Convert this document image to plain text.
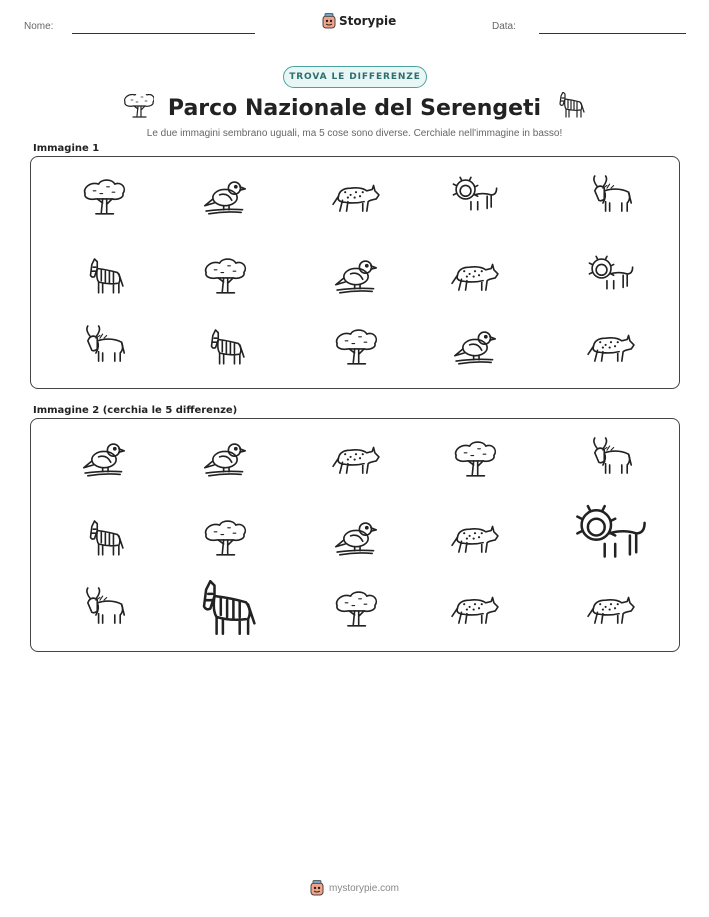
Nome:	Storypie	Data:
TROVA LE DIFFERENZE
Parco Nazionale del Serengeti
Le due immagini sembrano uguali, ma 5 cose sono diverse. Cerchiale nell'immagine in basso!
Immagine 1
Immagine 2 (cerchia le 5 differenze)
mystorypie.com
